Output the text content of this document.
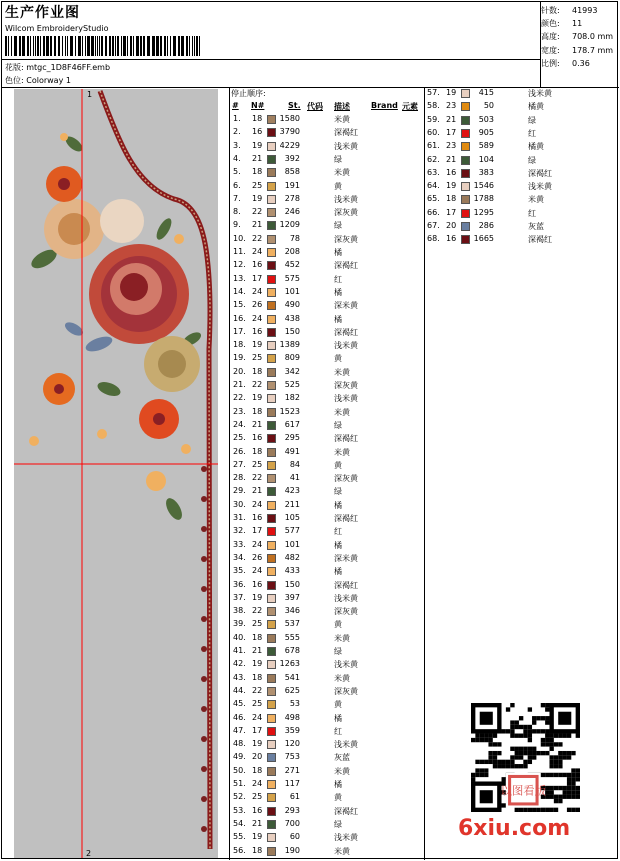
生产作业图
Wilcom EmbroideryStudio
花版: mtgc_1D8F46FF.emb
色位: Colorway 1
针数: 41993
颜色: 11
高度: 708.0 mm
宽度: 178.7 mm
比例: 0.36
1
2
停止顺序:
# N#	St. 代码 描述	Brand 元素
1.	18	1580	米黄
2.	16	3790	深褐红
3.	19	4229	浅米黄
4.	21	392	绿
5.	18	858	米黄
6.	25	191	黄
7.	19	278	浅米黄
8.	22	246	深灰黄
9.	21	1209	绿
10. 22	78	深灰黄
11. 24	208	橘
12. 16	452	深褐红
13. 17	575	红
14. 24	101	橘
15. 26	490	深米黄
16. 24	438	橘
17. 16	150	深褐红
18. 19	1389	浅米黄
19. 25	809	黄
20. 18	342	米黄
21. 22	525	深灰黄
22. 19	182	浅米黄
23. 18	1523	米黄
24. 21	617	绿
25. 16	295	深褐红
26. 18	491	米黄
27. 25	84	黄
28. 22	41	深灰黄
29. 21	423	绿
30. 24	211	橘
31. 16	105	深褐红
32. 17	577	红
33. 24	101	橘
34. 26	482	深米黄
35. 24	433	橘
36. 16	150	深褐红
37. 19	397	浅米黄
38. 22	346	深灰黄
39. 25	537	黄
40. 18	555	米黄
41. 21	678	绿
42. 19	1263	浅米黄
43. 18	541	米黄
44. 22	625	深灰黄
45. 25	53	黄
46. 24	498	橘
47. 17	359	红
48. 19	120	浅米黄
49. 20	753	灰蓝
50. 18	271	米黄
51. 24	117	橘
52. 25	61	黄
53. 16	293	深褐红
54. 21	700	绿
55. 19	60	浅米黄
56. 18	190	米黄
57. 19	415	浅米黄
58. 23	50	橘黄
59. 21	503	绿
60. 17	905	红
61. 23	589	橘黄
62. 21	104	绿
63. 16	383	深褐红
64. 19	1546	浅米黄
65. 18	1788	米黄
66. 17	1295	红
67. 20	286	灰蓝
68. 16	1665	深褐红
以图看版
6xiu.com
